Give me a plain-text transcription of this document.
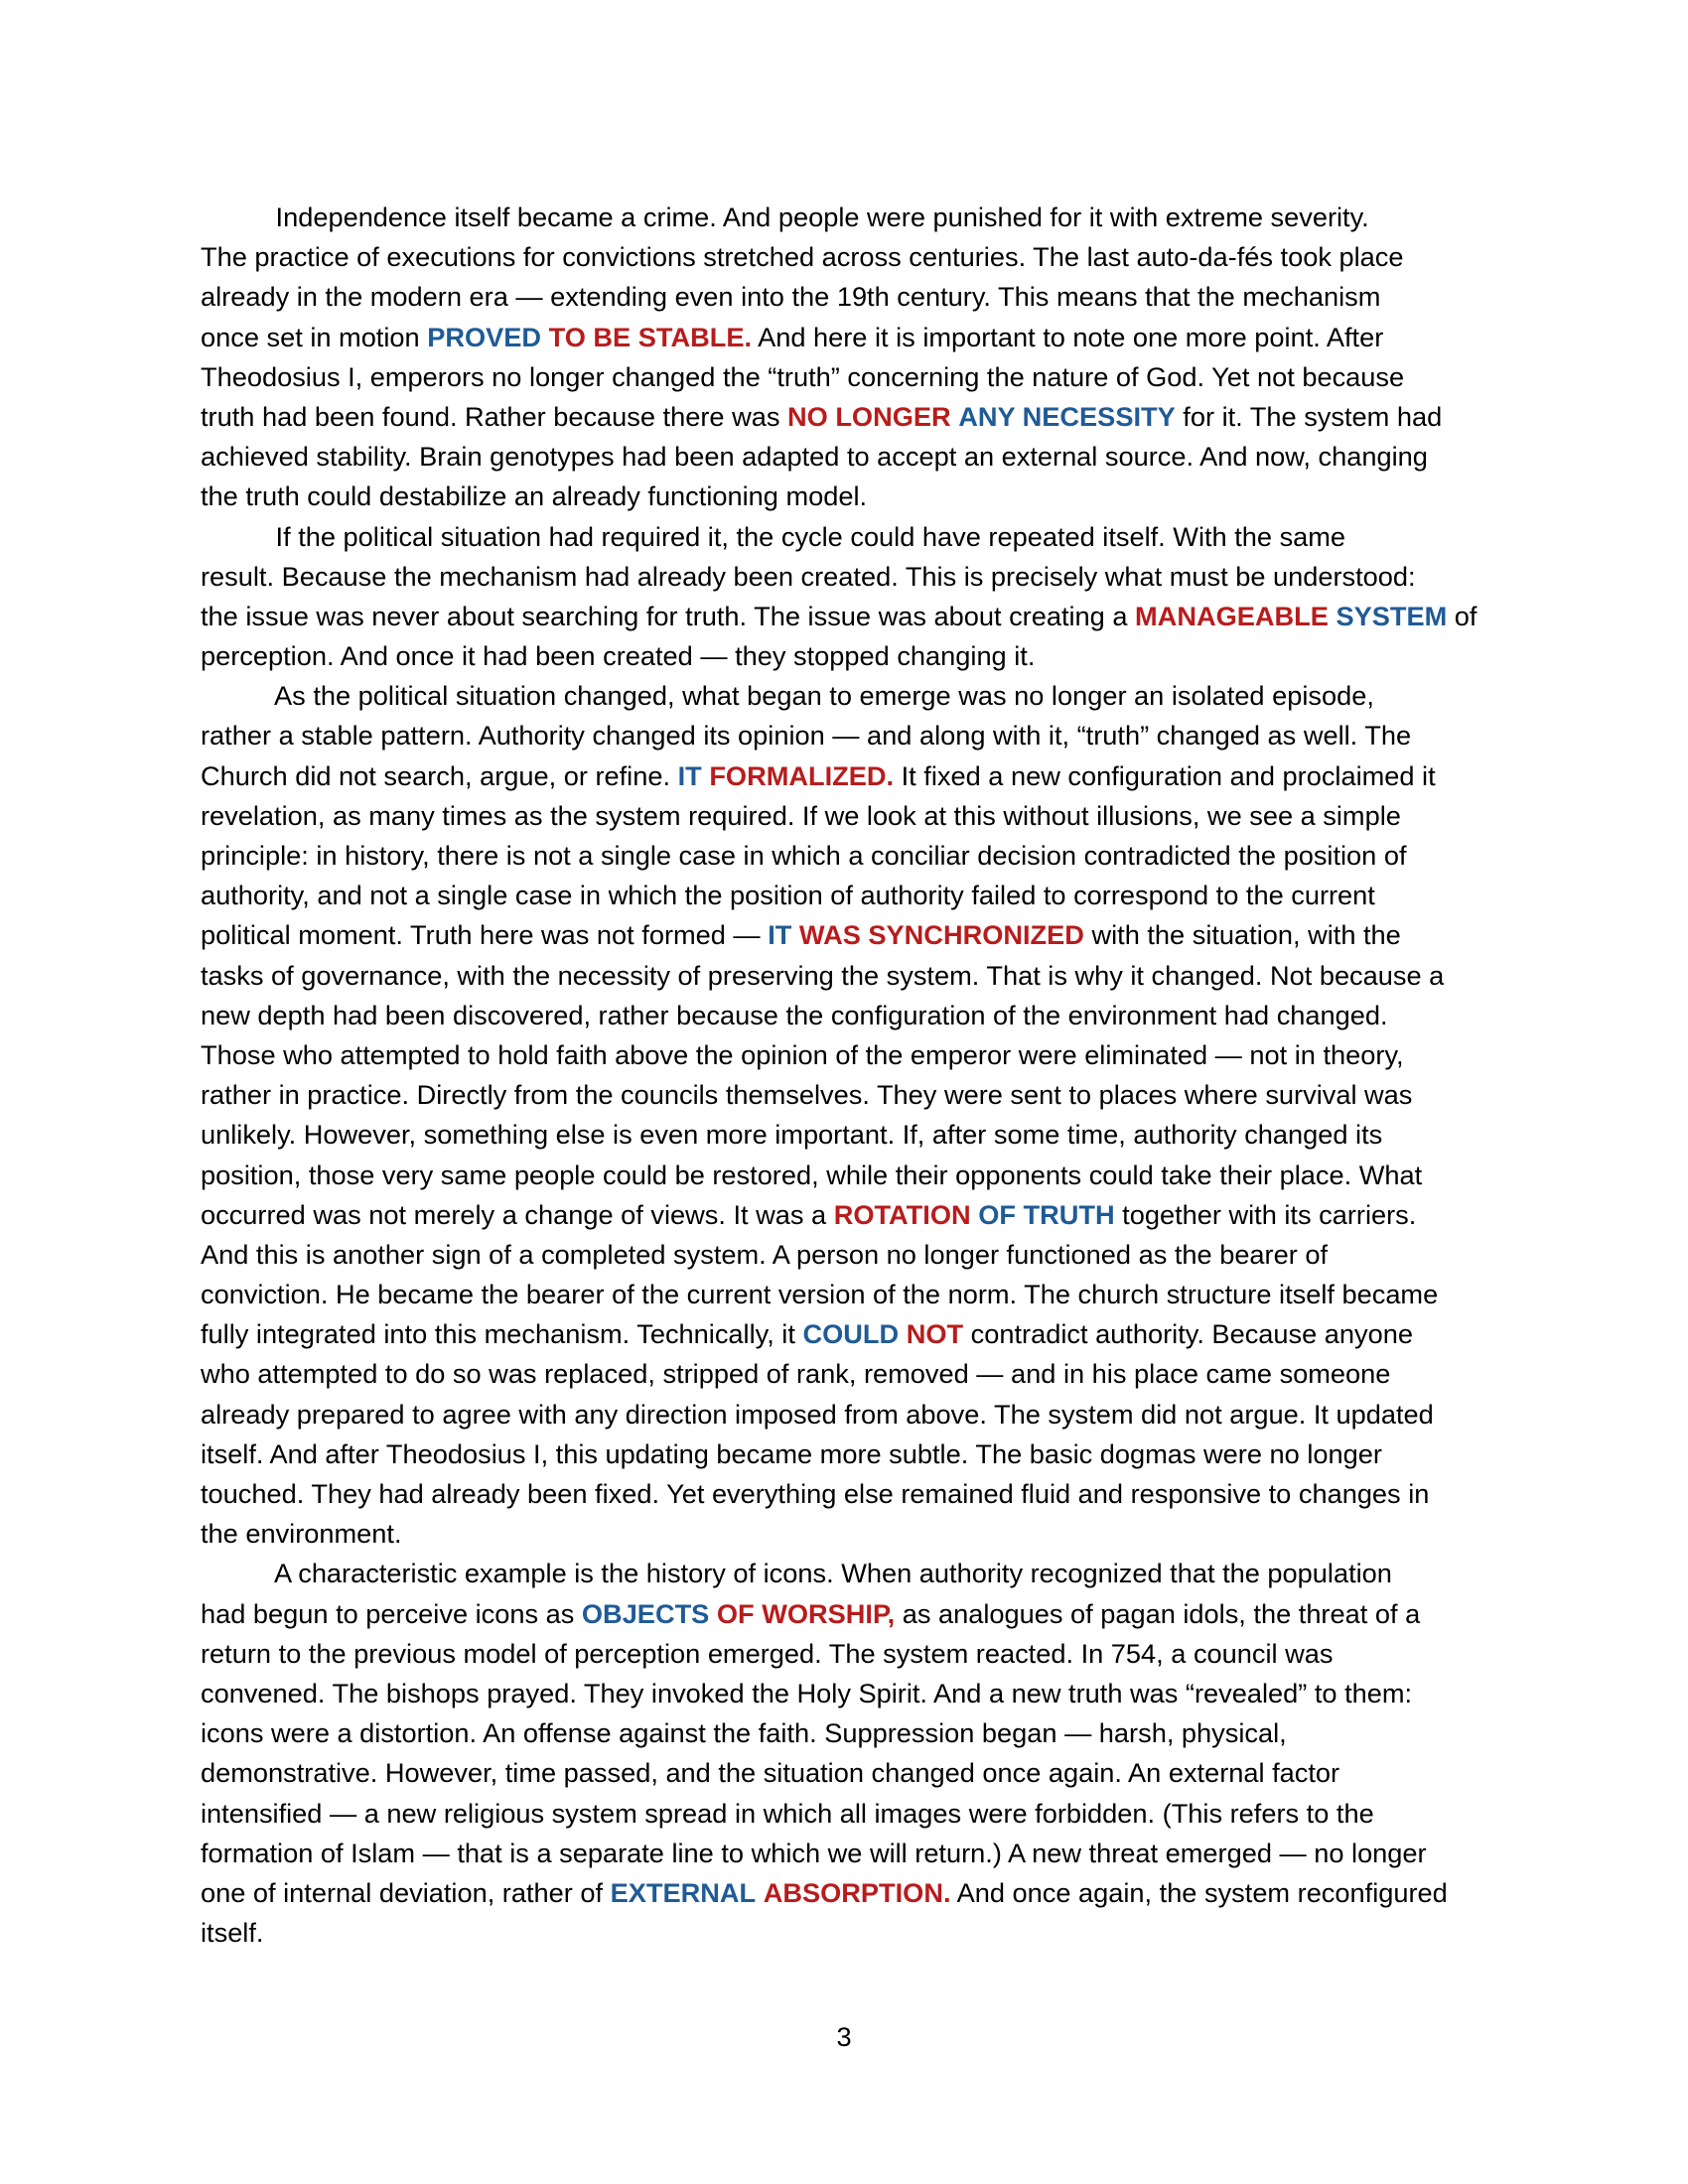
Independence itself became a crime. And people were punished for it with extreme severity.
The practice of executions for convictions stretched across centuries. The last auto-da-fés took place
already in the modern era — extending even into the 19th century. This means that the mechanism
once set in motion PROVED TO BE STABLE. And here it is important to note one more point. After
Theodosius I, emperors no longer changed the “truth” concerning the nature of God. Yet not because
truth had been found. Rather because there was NO LONGER ANY NECESSITY for it. The system had
achieved stability. Brain genotypes had been adapted to accept an external source. And now, changing
the truth could destabilize an already functioning model.
If the political situation had required it, the cycle could have repeated itself. With the same
result. Because the mechanism had already been created. This is precisely what must be understood:
the issue was never about searching for truth. The issue was about creating a MANAGEABLE SYSTEM of
perception. And once it had been created — they stopped changing it.
As the political situation changed, what began to emerge was no longer an isolated episode,
rather a stable pattern. Authority changed its opinion — and along with it, “truth” changed as well. The
Church did not search, argue, or refine. IT FORMALIZED. It fixed a new configuration and proclaimed it
revelation, as many times as the system required. If we look at this without illusions, we see a simple
principle: in history, there is not a single case in which a conciliar decision contradicted the position of
authority, and not a single case in which the position of authority failed to correspond to the current
political moment. Truth here was not formed — IT WAS SYNCHRONIZED with the situation, with the
tasks of governance, with the necessity of preserving the system. That is why it changed. Not because a
new depth had been discovered, rather because the configuration of the environment had changed.
Those who attempted to hold faith above the opinion of the emperor were eliminated — not in theory,
rather in practice. Directly from the councils themselves. They were sent to places where survival was
unlikely. However, something else is even more important. If, after some time, authority changed its
position, those very same people could be restored, while their opponents could take their place. What
occurred was not merely a change of views. It was a ROTATION OF TRUTH together with its carriers.
And this is another sign of a completed system. A person no longer functioned as the bearer of
conviction. He became the bearer of the current version of the norm. The church structure itself became
fully integrated into this mechanism. Technically, it COULD NOT contradict authority. Because anyone
who attempted to do so was replaced, stripped of rank, removed — and in his place came someone
already prepared to agree with any direction imposed from above. The system did not argue. It updated
itself. And after Theodosius I, this updating became more subtle. The basic dogmas were no longer
touched. They had already been fixed. Yet everything else remained fluid and responsive to changes in
the environment.
A characteristic example is the history of icons. When authority recognized that the population
had begun to perceive icons as OBJECTS OF WORSHIP, as analogues of pagan idols, the threat of a
return to the previous model of perception emerged. The system reacted. In 754, a council was
convened. The bishops prayed. They invoked the Holy Spirit. And a new truth was “revealed” to them:
icons were a distortion. An offense against the faith. Suppression began — harsh, physical,
demonstrative. However, time passed, and the situation changed once again. An external factor
intensified — a new religious system spread in which all images were forbidden. (This refers to the
formation of Islam — that is a separate line to which we will return.) A new threat emerged — no longer
one of internal deviation, rather of EXTERNAL ABSORPTION. And once again, the system reconfigured
itself.
3
